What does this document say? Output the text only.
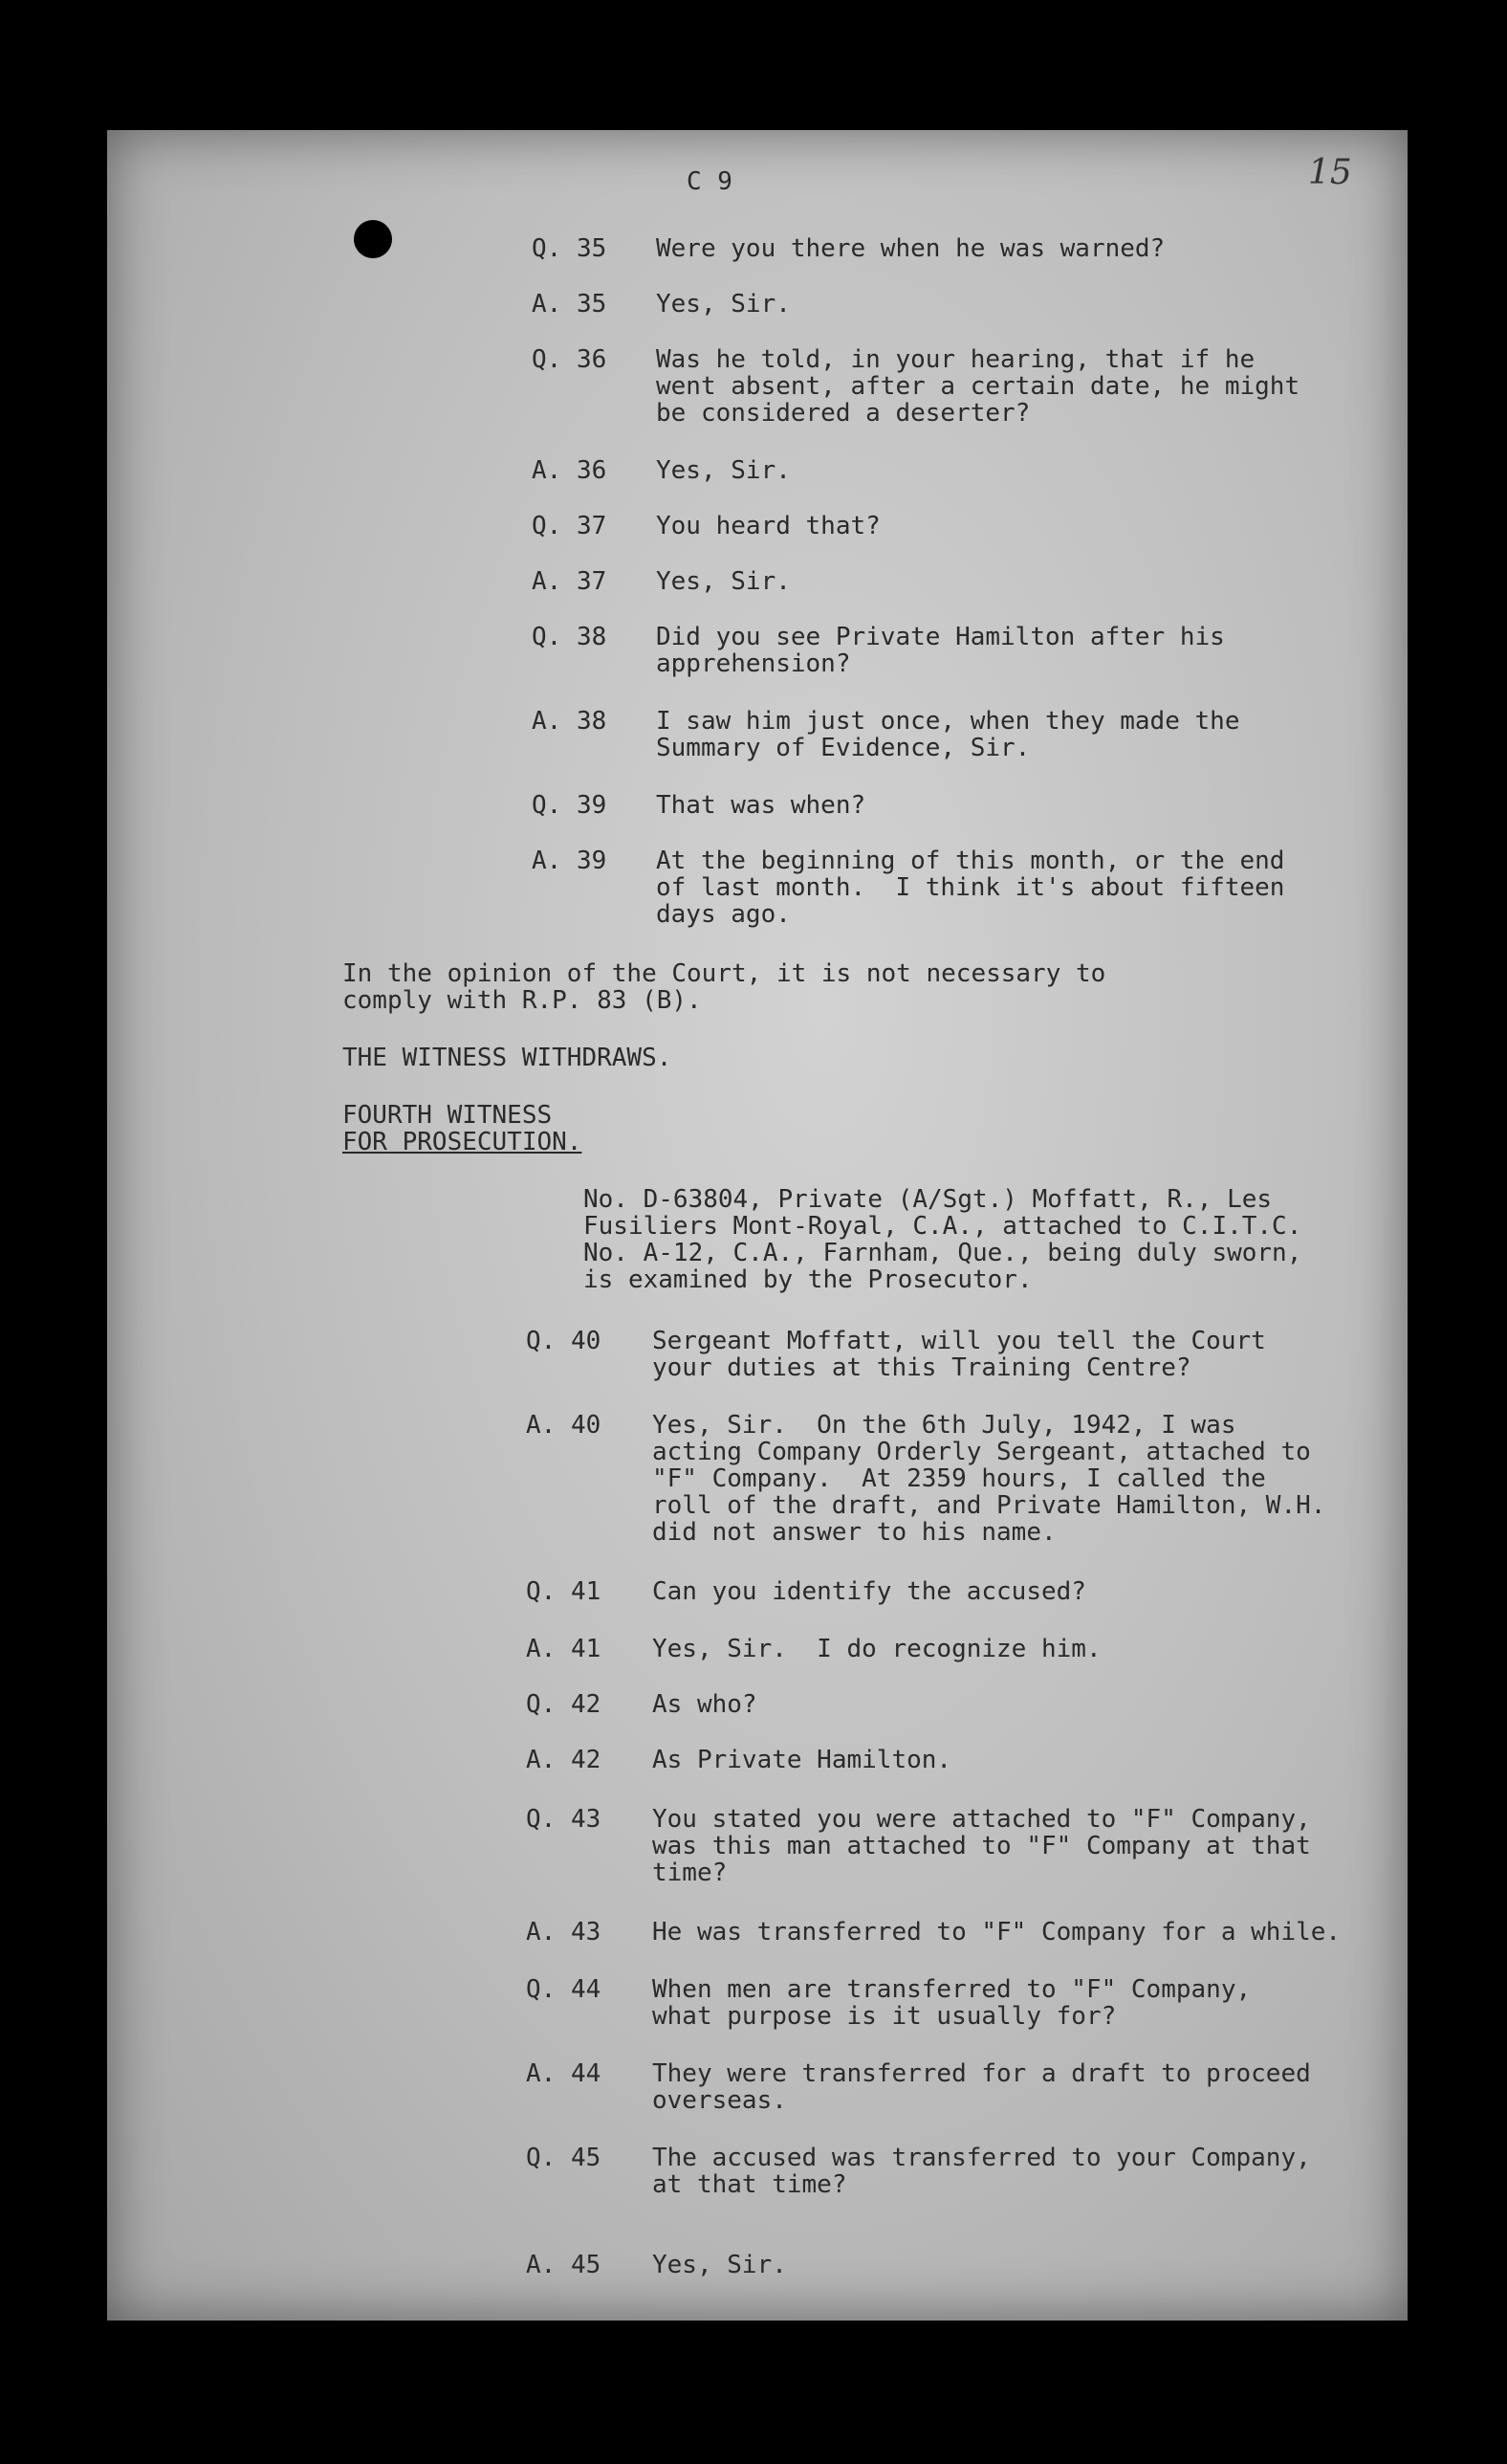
C 9	15
Q. 35 Were you there when he was warned?
A. 35 Yes, Sir.
Q. 36 Was he told, in your hearing, that if he
went absent, after a certain date, he might
be considered a deserter?
A. 36 Yes, Sir.
Q. 37 You heard that?
A. 37 Yes, Sir.
Q. 38 Did you see Private Hamilton after his
apprehension?
A. 38 I saw him just once, when they made the
Summary of Evidence, Sir.
Q. 39 That was when?
A. 39 At the beginning of this month, or the end
of last month.  I think it's about fifteen
days ago.
In the opinion of the Court, it is not necessary to
comply with R.P. 83 (B).
THE WITNESS WITHDRAWS.
FOURTH WITNESS
FOR PROSECUTION.
No. D-63804, Private (A/Sgt.) Moffatt, R., Les
Fusiliers Mont-Royal, C.A., attached to C.I.T.C.
No. A-12, C.A., Farnham, Que., being duly sworn,
is examined by the Prosecutor.
Q. 40 Sergeant Moffatt, will you tell the Court
your duties at this Training Centre?
A. 40 Yes, Sir.  On the 6th July, 1942, I was
acting Company Orderly Sergeant, attached to
"F" Company.  At 2359 hours, I called the
roll of the draft, and Private Hamilton, W.H.
did not answer to his name.
Q. 41 Can you identify the accused?
A. 41 Yes, Sir.  I do recognize him.
Q. 42 As who?
A. 42 As Private Hamilton.
Q. 43 You stated you were attached to "F" Company,
was this man attached to "F" Company at that
time?
A. 43 He was transferred to "F" Company for a while.
Q. 44 When men are transferred to "F" Company,
what purpose is it usually for?
A. 44 They were transferred for a draft to proceed
overseas.
Q. 45 The accused was transferred to your Company,
at that time?
A. 45 Yes, Sir.
